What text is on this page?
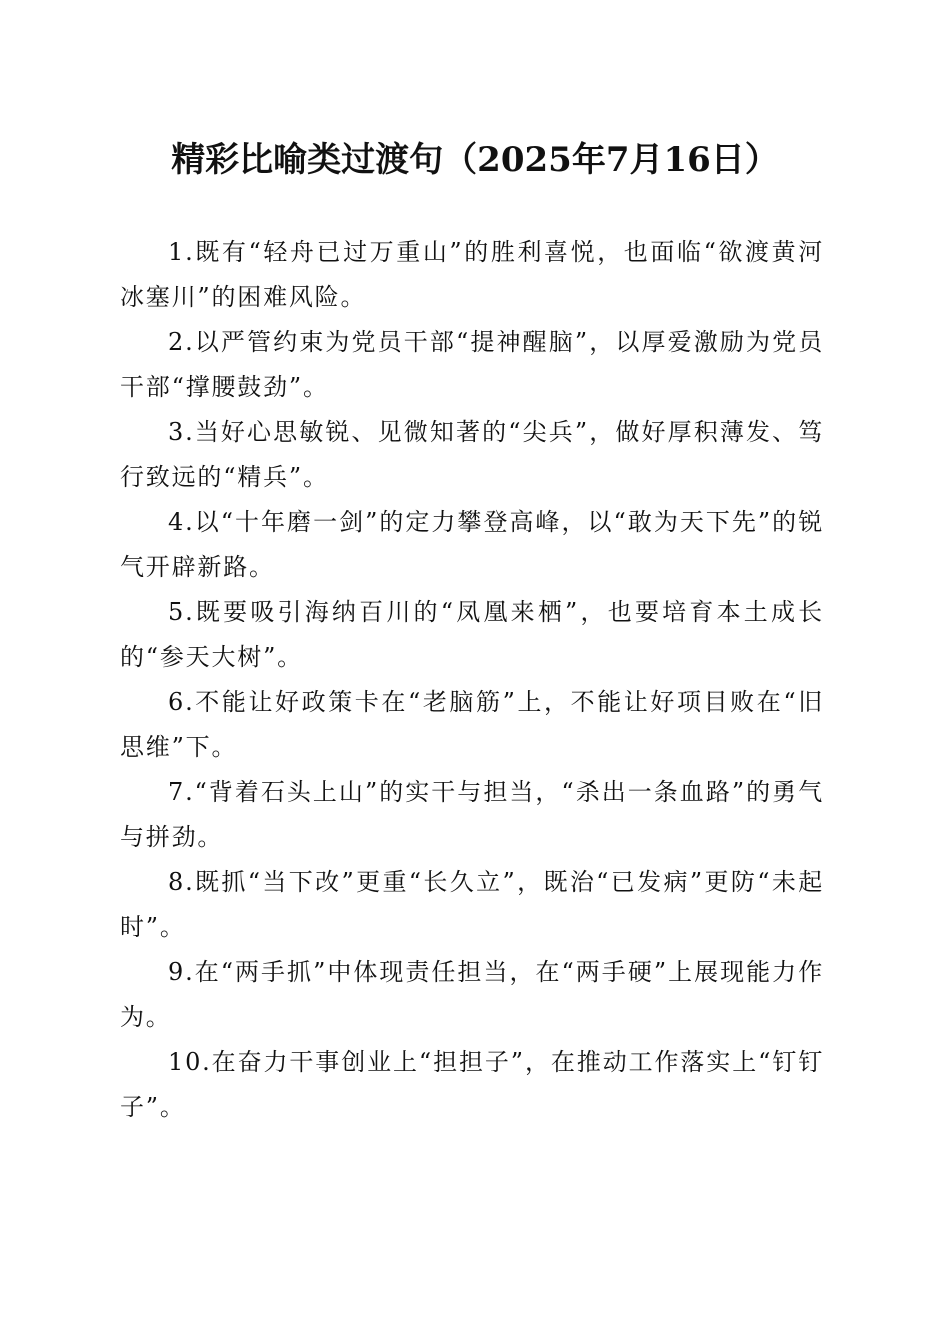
精彩比喻类过渡句（2025年7月16日）

1.既有“轻舟已过万重山”的胜利喜悦，也面临“欲渡黄河冰塞川”的困难风险。

2.以严管约束为党员干部“提神醒脑”，以厚爱激励为党员干部“撑腰鼓劲”。

3.当好心思敏锐、见微知著的“尖兵”，做好厚积薄发、笃行致远的“精兵”。

4.以“十年磨一剑”的定力攀登高峰，以“敢为天下先”的锐气开辟新路。

5.既要吸引海纳百川的“凤凰来栖”，也要培育本土成长的“参天大树”。

6.不能让好政策卡在“老脑筋”上，不能让好项目败在“旧思维”下。

7.“背着石头上山”的实干与担当，“杀出一条血路”的勇气与拼劲。

8.既抓“当下改”更重“长久立”，既治“已发病”更防“未起时”。

9.在“两手抓”中体现责任担当，在“两手硬”上展现能力作为。

10.在奋力干事创业上“担担子”，在推动工作落实上“钉钉子”。
